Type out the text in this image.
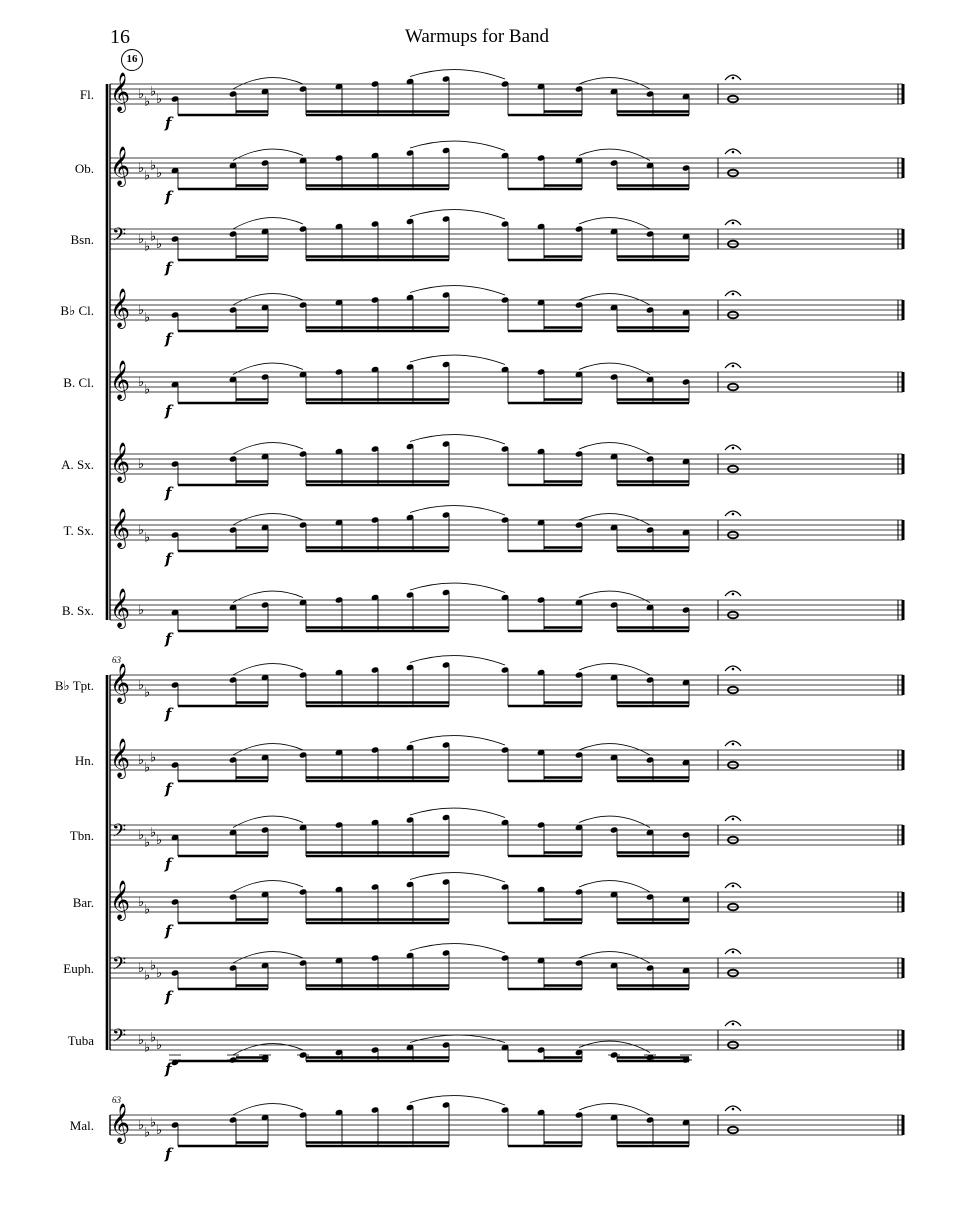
16	Warmups for Band
16
63
63
Fl.
Ob.
Bsn.
B♭ Cl.
B. Cl.
A. Sx.
T. Sx.
B. Sx.
B♭ Tpt.
Hn.
Tbn.
Bar.
Euph.
Tuba
Mal.
𝄞 ♭ ♭
♭ ♭
f
𝄞 ♭ ♭
♭ ♭
f
𝄢 ♭ ♭
♭ ♭
f
𝄞 ♭ ♭
f
𝄞 ♭ ♭
f
𝄞 ♭
f
𝄞 ♭ ♭
f
𝄞 ♭
f
𝄞 ♭ ♭
f
𝄞 ♭ ♭
♭
f
𝄢 ♭ ♭
♭ ♭
f
𝄞 ♭ ♭
f
𝄢 ♭ ♭
♭ ♭
f
𝄢 ♭ ♭
♭ ♭
f
𝄞 ♭ ♭
♭ ♭
f
